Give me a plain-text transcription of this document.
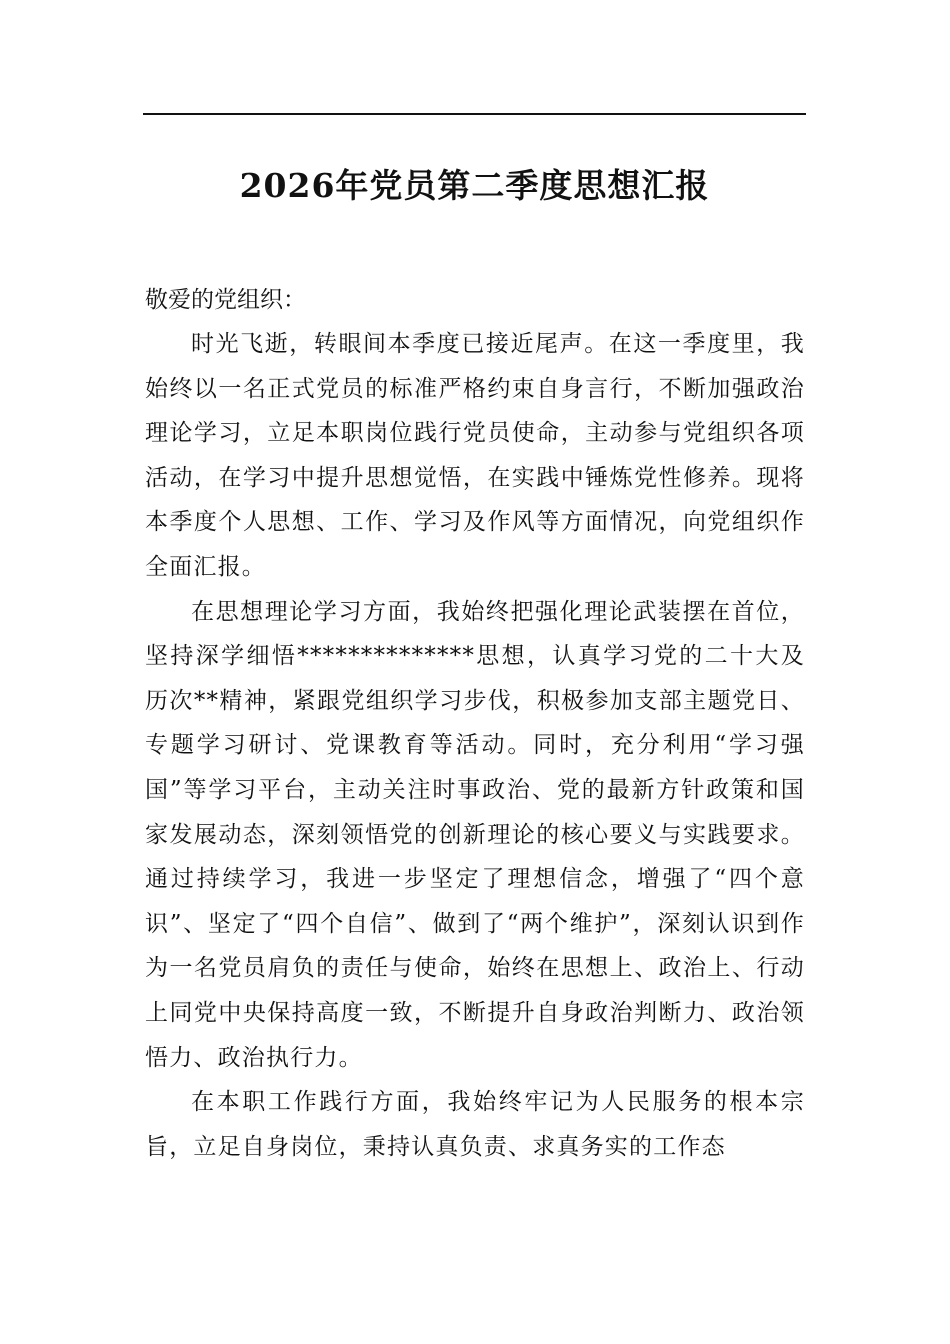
2026年党员第二季度思想汇报
敬爱的党组织：

时光飞逝，转眼间本季度已接近尾声。在这一季度里，我始终以一名正式党员的标准严格约束自身言行，不断加强政治理论学习，立足本职岗位践行党员使命，主动参与党组织各项活动，在学习中提升思想觉悟，在实践中锤炼党性修养。现将本季度个人思想、工作、学习及作风等方面情况，向党组织作全面汇报。

在思想理论学习方面，我始终把强化理论武装摆在首位，坚持深学细悟**************思想，认真学习党的二十大及历次**精神，紧跟党组织学习步伐，积极参加支部主题党日、专题学习研讨、党课教育等活动。同时，充分利用“学习强国”等学习平台，主动关注时事政治、党的最新方针政策和国家发展动态，深刻领悟党的创新理论的核心要义与实践要求。通过持续学习，我进一步坚定了理想信念，增强了“四个意识”、坚定了“四个自信”、做到了“两个维护”，深刻认识到作为一名党员肩负的责任与使命，始终在思想上、政治上、行动上同党中央保持高度一致，不断提升自身政治判断力、政治领悟力、政治执行力。

在本职工作践行方面，我始终牢记为人民服务的根本宗旨，立足自身岗位，秉持认真负责、求真务实的工作态
